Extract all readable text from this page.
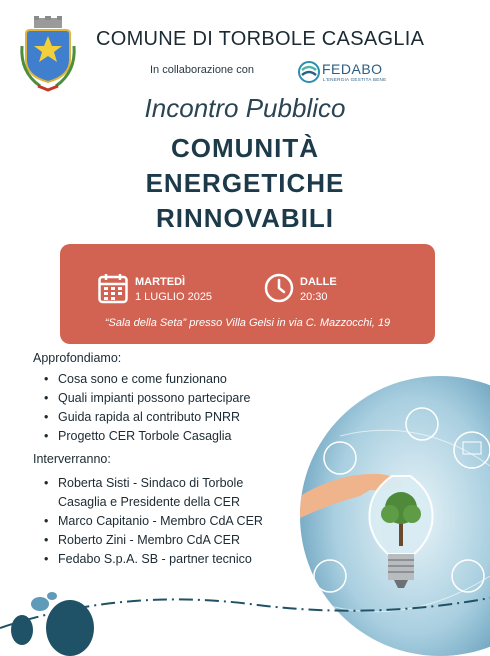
COMUNE DI TORBOLE CASAGLIA
In collaborazione con	FEDABO
L'ENERGIA GESTITA BENE
Incontro Pubblico
COMUNITÀ
ENERGETICHE
RINNOVABILI
MARTEDÌ
1 LUGLIO 2025
DALLE
20:30
“Sala della Seta” presso Villa Gelsi in via C. Mazzocchi, 19
Approfondiamo:
• Cosa sono e come funzionano
• Quali impianti possono partecipare
• Guida rapida al contributo PNRR
• Progetto CER Torbole Casaglia
Interverranno:
• Roberta Sisti - Sindaco di Torbole
Casaglia e Presidente della CER
• Marco Capitanio - Membro CdA CER
• Roberto Zini - Membro CdA CER
• Fedabo S.p.A. SB - partner tecnico
